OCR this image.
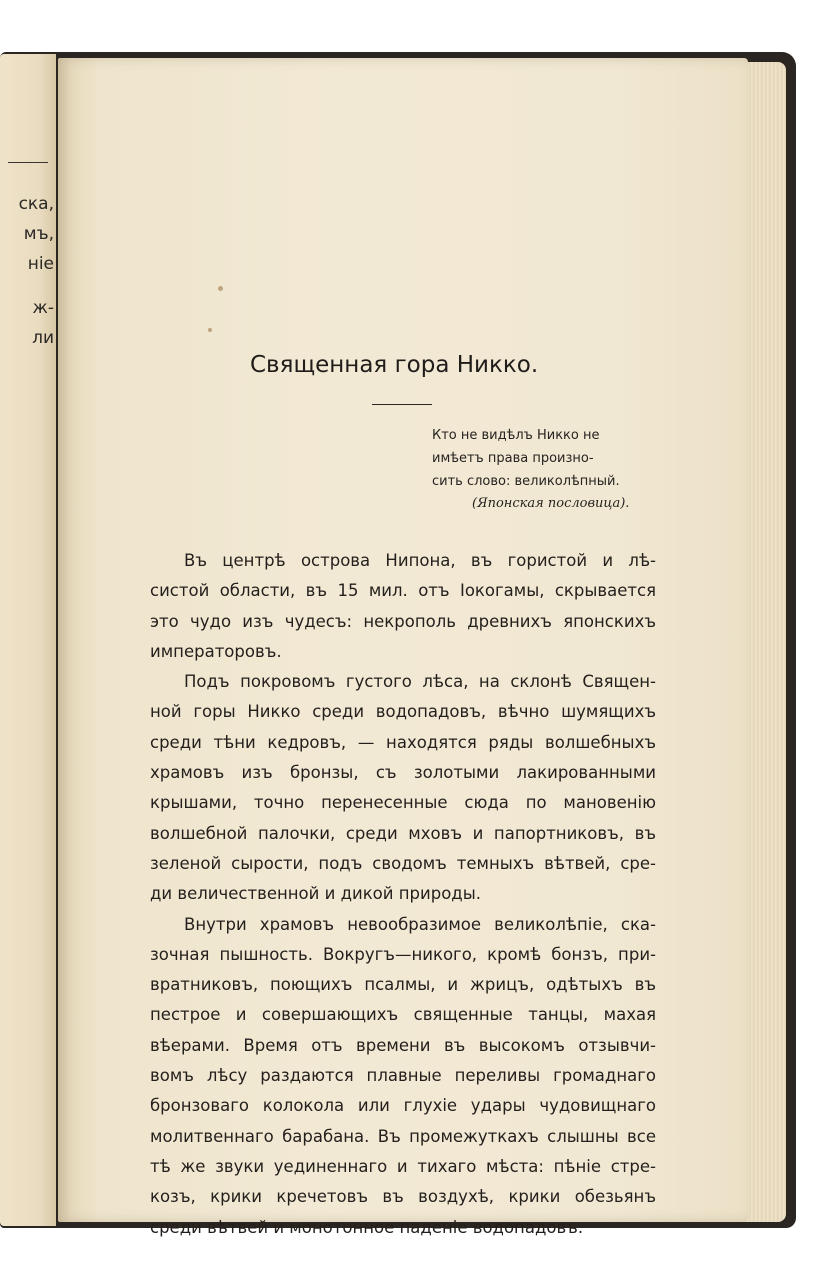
ска,
мъ,
ніе
ж-
ли
Священная гора Никко.
Кто не видѣлъ Никко не
имѣетъ права произно-
сить слово: великолѣпный.
(Японская пословица).
Въ центрѣ острова Нипона, въ гористой и лѣ-
систой области, въ 15 мил. отъ Іокогамы, скрывается
это чудо изъ чудесъ: некрополь древнихъ японскихъ
императоровъ.
Подъ покровомъ густого лѣса, на склонѣ Священ-
ной горы Никко среди водопадовъ, вѣчно шумящихъ
среди тѣни кедровъ, — находятся ряды волшебныхъ
храмовъ изъ бронзы, съ золотыми лакированными
крышами, точно перенесенные сюда по мановенію
волшебной палочки, среди мховъ и папортниковъ, въ
зеленой сырости, подъ сводомъ темныхъ вѣтвей, сре-
ди величественной и дикой природы.
Внутри храмовъ невообразимое великолѣпіе, ска-
зочная пышность. Вокругъ—никого, кромѣ бонзъ, при-
вратниковъ, поющихъ псалмы, и жрицъ, одѣтыхъ въ
пестрое и совершающихъ священные танцы, махая
вѣерами. Время отъ времени въ высокомъ отзывчи-
вомъ лѣсу раздаются плавные переливы громаднаго
бронзоваго колокола или глухіе удары чудовищнаго
молитвеннаго барабана. Въ промежуткахъ слышны все
тѣ же звуки уединеннаго и тихаго мѣста: пѣніе стре-
козъ, крики кречетовъ въ воздухѣ, крики обезьянъ
среди вѣтвей и монотонное паденіе водопадовъ.
